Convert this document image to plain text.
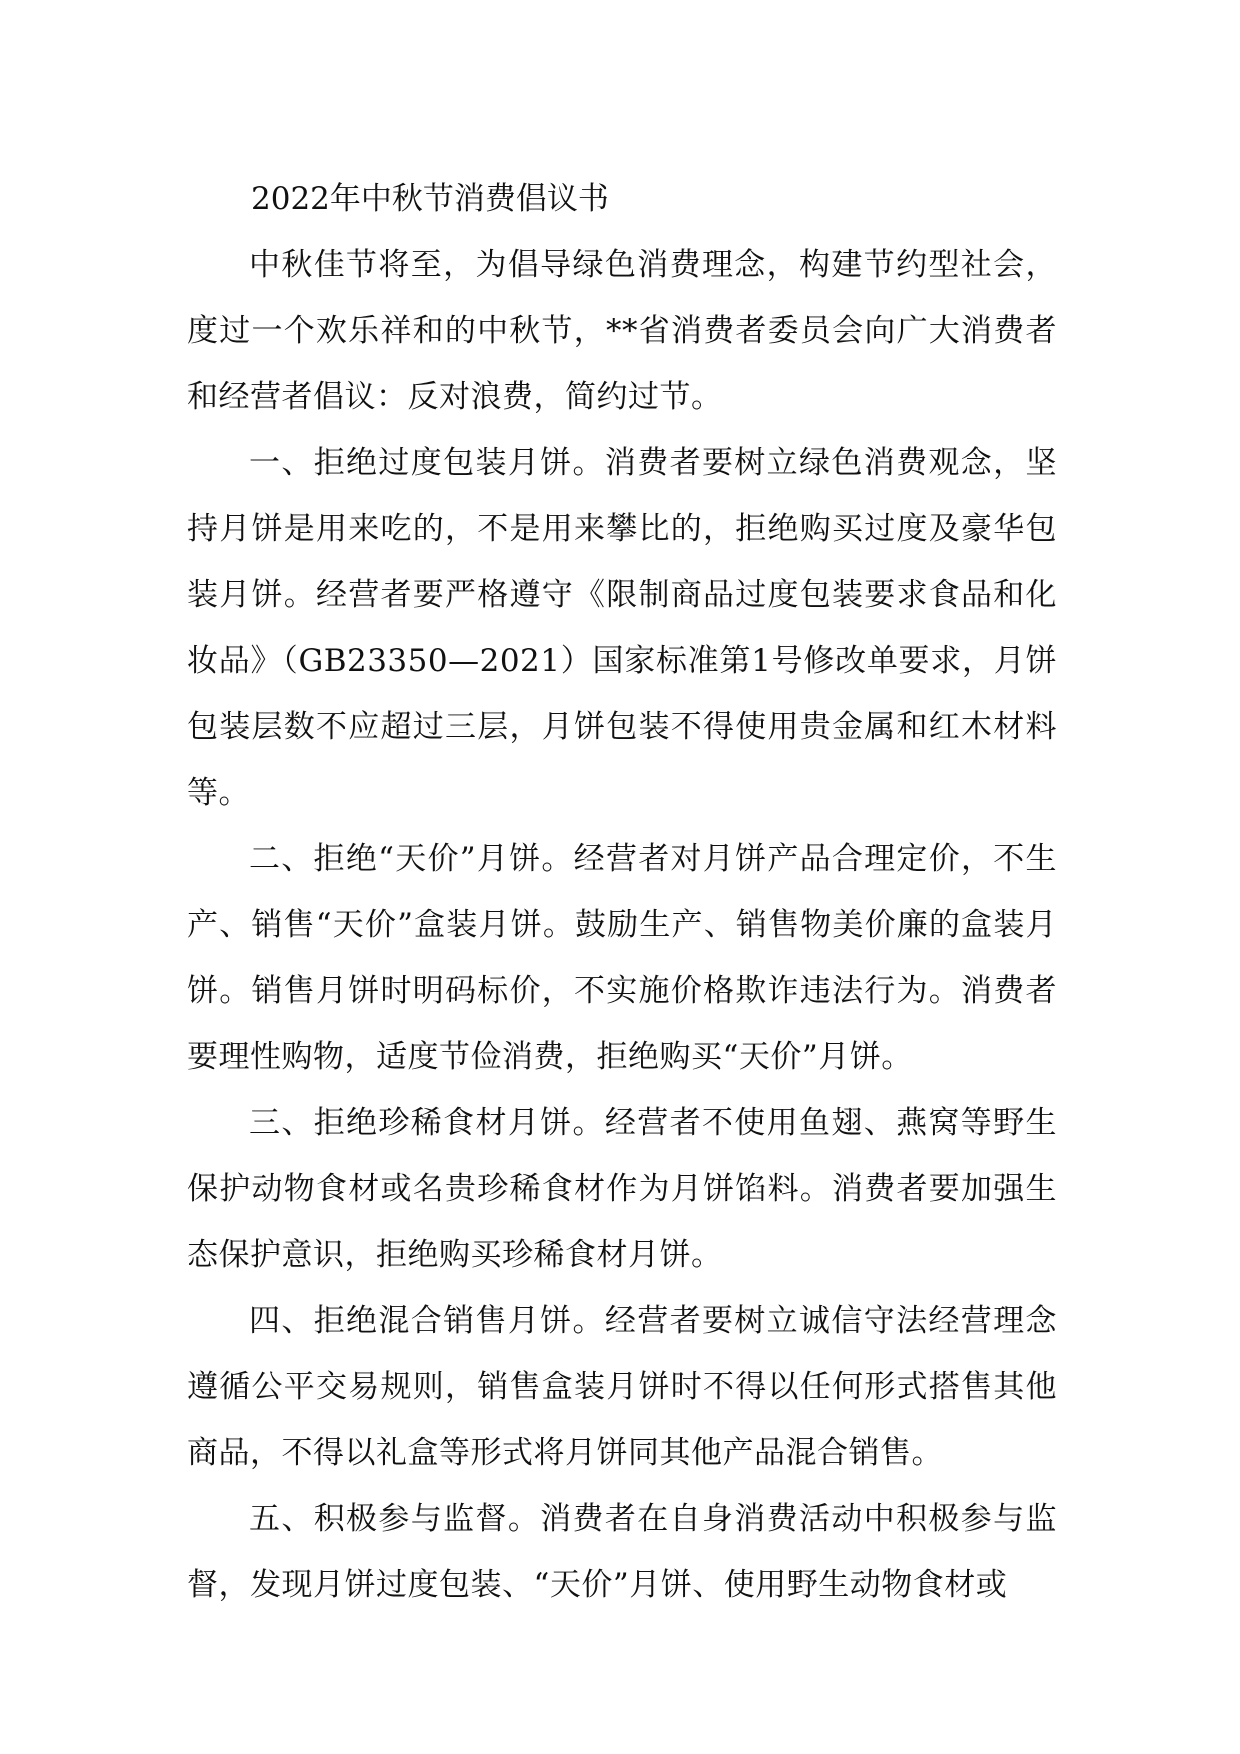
2022年中秋节消费倡议书

中秋佳节将至，为倡导绿色消费理念，构建节约型社会，度过一个欢乐祥和的中秋节，**省消费者委员会向广大消费者和经营者倡议：反对浪费，简约过节。

一、拒绝过度包装月饼。消费者要树立绿色消费观念，坚持月饼是用来吃的，不是用来攀比的，拒绝购买过度及豪华包装月饼。经营者要严格遵守《限制商品过度包装要求食品和化妆品》（GB23350—2021）国家标准第1号修改单要求，月饼包装层数不应超过三层，月饼包装不得使用贵金属和红木材料等。

二、拒绝“天价”月饼。经营者对月饼产品合理定价，不生产、销售“天价”盒装月饼。鼓励生产、销售物美价廉的盒装月饼。销售月饼时明码标价，不实施价格欺诈违法行为。消费者要理性购物，适度节俭消费，拒绝购买“天价”月饼。

三、拒绝珍稀食材月饼。经营者不使用鱼翅、燕窝等野生保护动物食材或名贵珍稀食材作为月饼馅料。消费者要加强生态保护意识，拒绝购买珍稀食材月饼。

四、拒绝混合销售月饼。经营者要树立诚信守法经营理念遵循公平交易规则，销售盒装月饼时不得以任何形式搭售其他商品，不得以礼盒等形式将月饼同其他产品混合销售。

五、积极参与监督。消费者在自身消费活动中积极参与监督，发现月饼过度包装、“天价”月饼、使用野生动物食材或
